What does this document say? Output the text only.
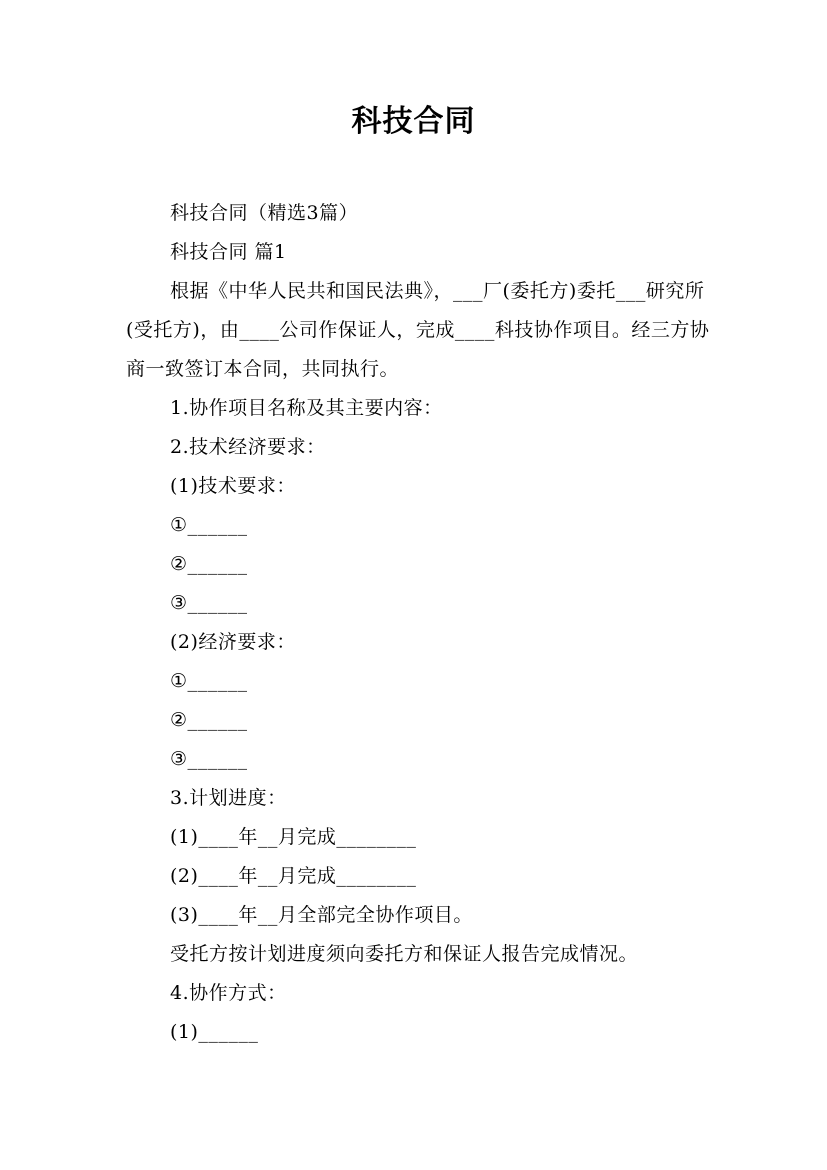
科技合同

科技合同（精选3篇）

科技合同 篇1

根据《中华人民共和国民法典》，___厂(委托方)委托___研究所(受托方)，由____公司作保证人，完成____科技协作项目。经三方协商一致签订本合同，共同执行。

1.协作项目名称及其主要内容：

2.技术经济要求：

(1)技术要求：

①______

②______

③______

(2)经济要求：

①______

②______

③______

3.计划进度：

(1)____年__月完成________

(2)____年__月完成________

(3)____年__月全部完全协作项目。

受托方按计划进度须向委托方和保证人报告完成情况。

4.协作方式：

(1)______
